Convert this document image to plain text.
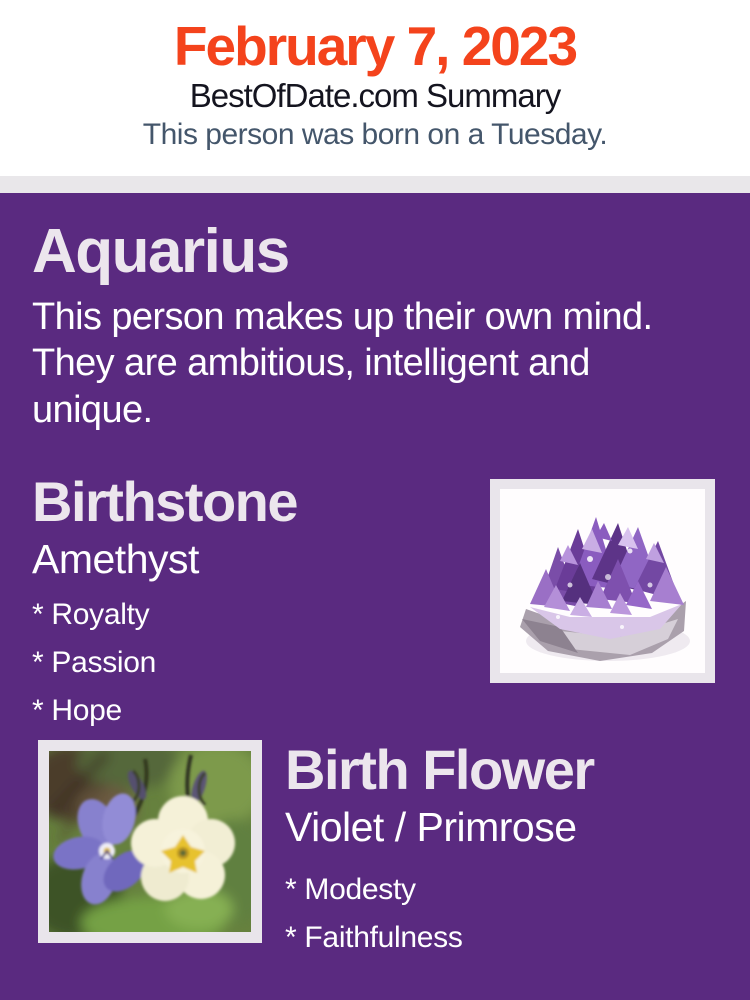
February 7, 2023
BestOfDate.com Summary
This person was born on a Tuesday.
Aquarius

This person makes up their own mind. They are ambitious, intelligent and unique.

Birthstone
Amethyst
* Royalty
* Passion
* Hope
Birth Flower
Violet / Primrose
* Modesty
* Faithfulness
